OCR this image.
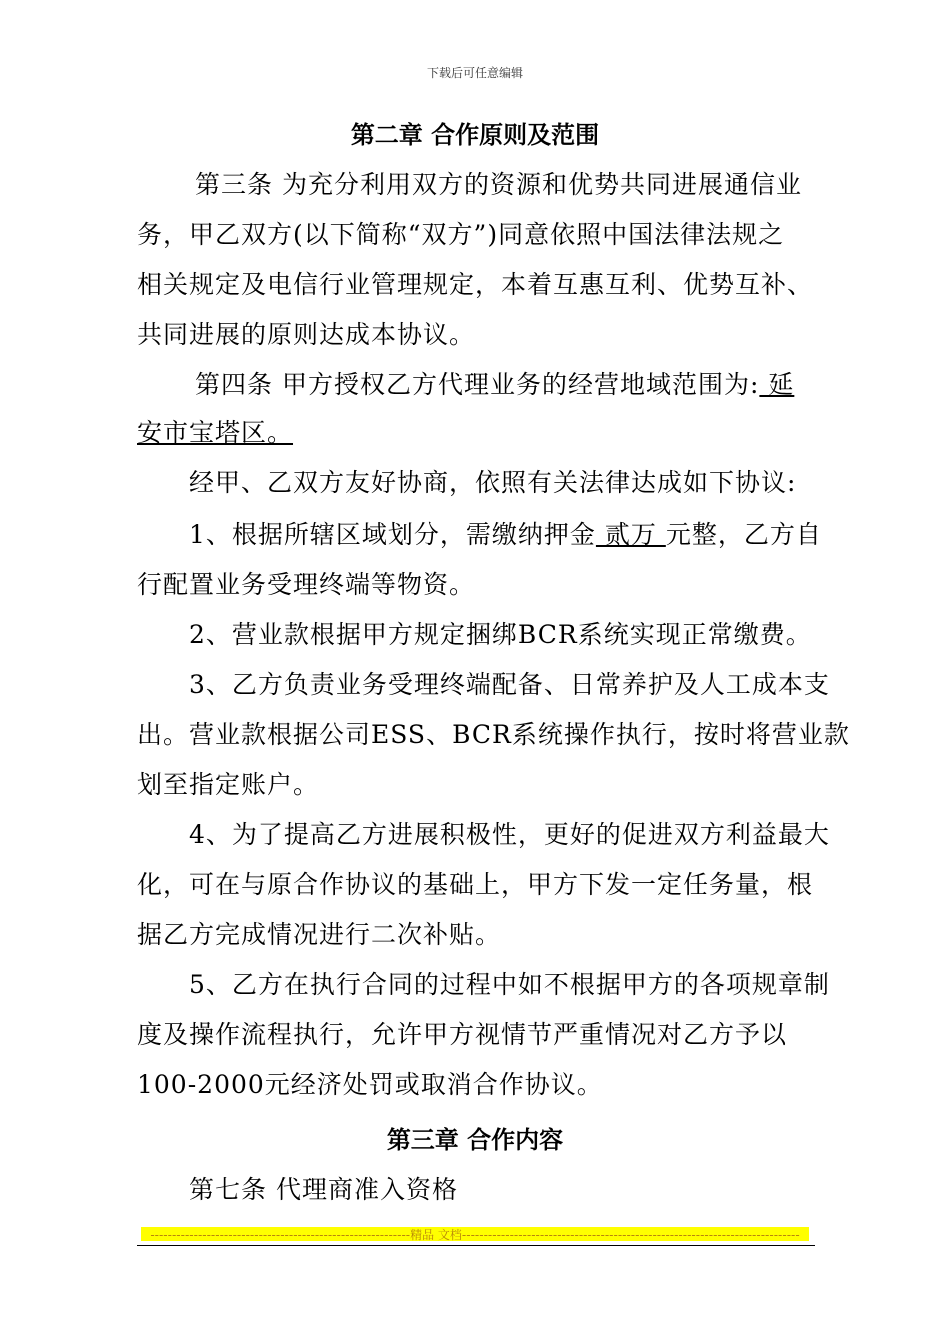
下载后可任意编辑
第二章 合作原则及范围
第三条 为充分利用双方的资源和优势共同进展通信业
务，甲乙双方(以下简称“双方”)同意依照中国法律法规之
相关规定及电信行业管理规定，本着互惠互利、优势互补、
共同进展的原则达成本协议。
第四条 甲方授权乙方代理业务的经营地域范围为: 延
安市宝塔区。
经甲、乙双方友好协商，依照有关法律达成如下协议:
1、根据所辖区域划分，需缴纳押金 贰万 元整，乙方自
行配置业务受理终端等物资。
2、营业款根据甲方规定捆绑BCR系统实现正常缴费。
3、乙方负责业务受理终端配备、日常养护及人工成本支
出。营业款根据公司ESS、BCR系统操作执行，按时将营业款
划至指定账户。
4、为了提高乙方进展积极性，更好的促进双方利益最大
化，可在与原合作协议的基础上，甲方下发一定任务量，根
据乙方完成情况进行二次补贴。
5、乙方在执行合同的过程中如不根据甲方的各项规章制
度及操作流程执行，允许甲方视情节严重情况对乙方予以
100-2000元经济处罚或取消合作协议。
第三章 合作内容
第七条 代理商准入资格
------------------------------------------------------------精品 文档------------------------------------------------------------------------------
